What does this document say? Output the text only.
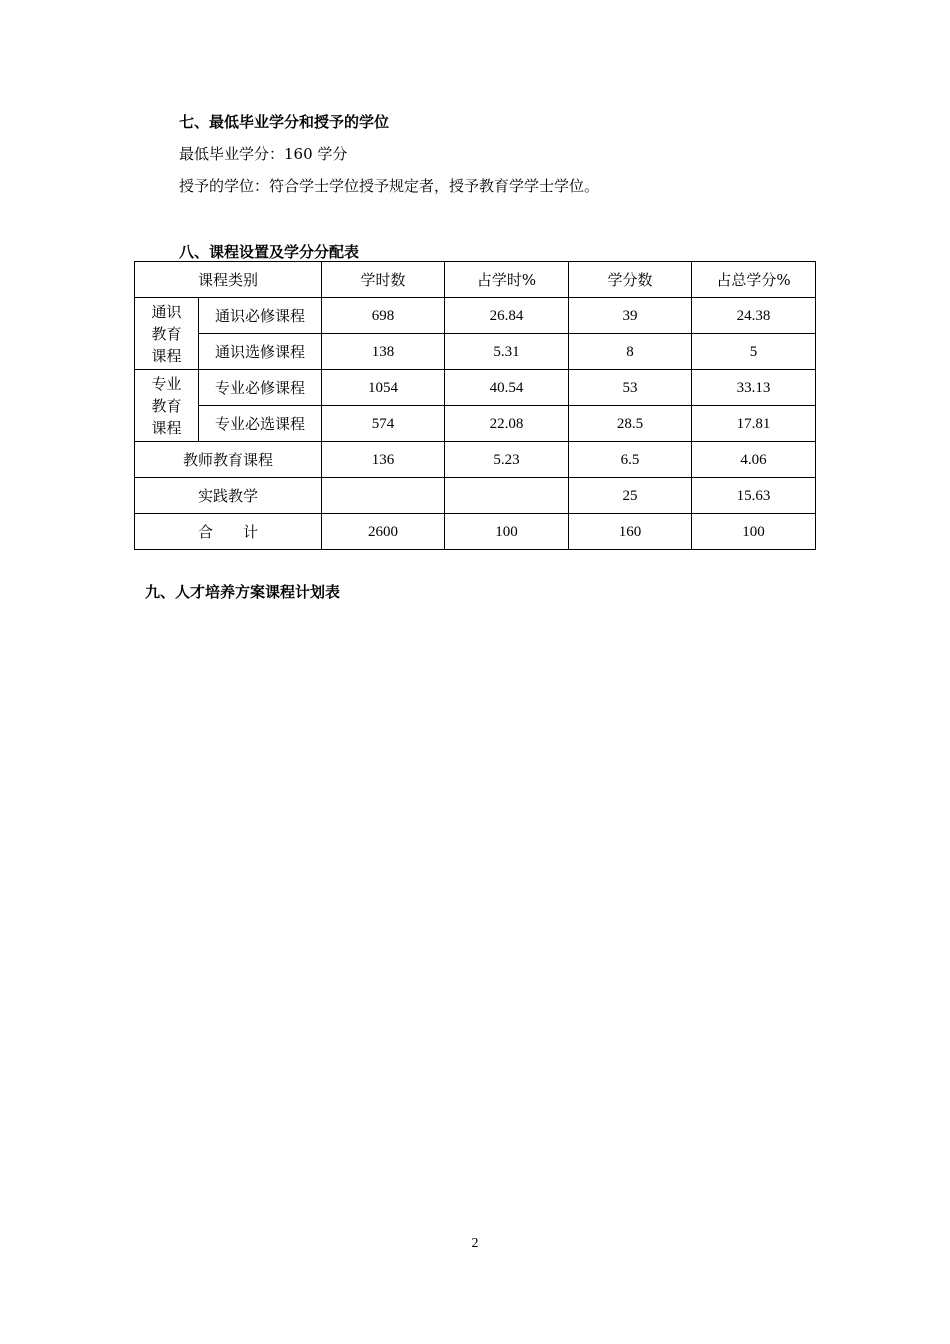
七、最低毕业学分和授予的学位
最低毕业学分：160 学分
授予的学位：符合学士学位授予规定者，授予教育学学士学位。
八、课程设置及学分分配表
课程类别		学时数	占学时%	学分数	占总学分%
通识
教育
课程	通识必修课程	698	26.84	39	24.38
	通识选修课程	138	5.31	8	5
专业
教育
课程	专业必修课程	1054	40.54	53	33.13
	专业必选课程	574	22.08	28.5	17.81
教师教育课程		136	5.23	6.5	4.06
实践教学				25	15.63
合　　计		2600	100	160	100
九、人才培养方案课程计划表
2
